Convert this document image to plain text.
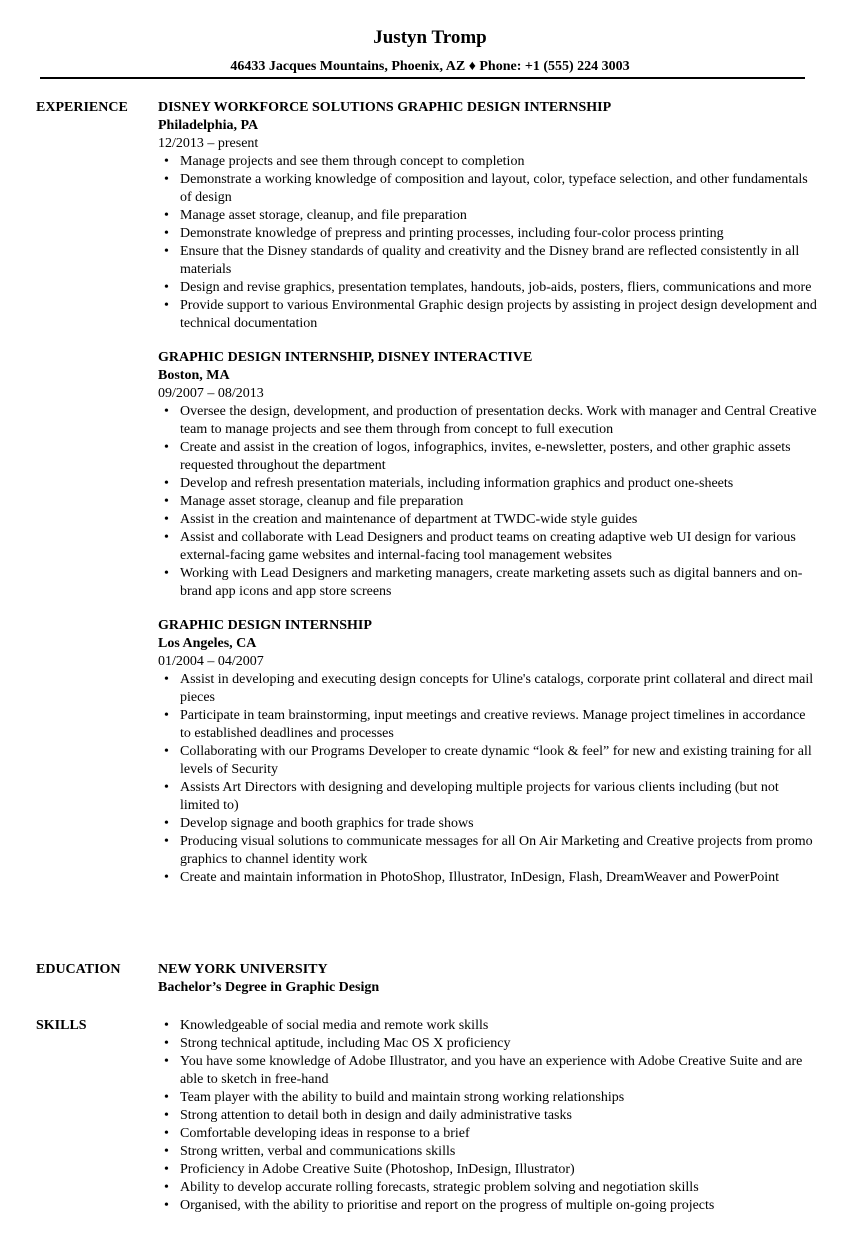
Justyn Tromp
46433 Jacques Mountains, Phoenix, AZ ♦ Phone: +1 (555) 224 3003
EXPERIENCE DISNEY WORKFORCE SOLUTIONS GRAPHIC DESIGN INTERNSHIP
Philadelphia, PA
12/2013 – present
• Manage projects and see them through concept to completion
• Demonstrate a working knowledge of composition and layout, color, typeface selection, and other fundamentals of design
• Manage asset storage, cleanup, and file preparation
• Demonstrate knowledge of prepress and printing processes, including four-color process printing
• Ensure that the Disney standards of quality and creativity and the Disney brand are reflected consistently in all materials
• Design and revise graphics, presentation templates, handouts, job-aids, posters, fliers, communications and more
• Provide support to various Environmental Graphic design projects by assisting in project design development and technical documentation
GRAPHIC DESIGN INTERNSHIP, DISNEY INTERACTIVE
Boston, MA
09/2007 – 08/2013
• Oversee the design, development, and production of presentation decks. Work with manager and Central Creative team to manage projects and see them through from concept to full execution
• Create and assist in the creation of logos, infographics, invites, e-newsletter, posters, and other graphic assets requested throughout the department
• Develop and refresh presentation materials, including information graphics and product one-sheets
• Manage asset storage, cleanup and file preparation
• Assist in the creation and maintenance of department at TWDC-wide style guides
• Assist and collaborate with Lead Designers and product teams on creating adaptive web UI design for various external-facing game websites and internal-facing tool management websites
• Working with Lead Designers and marketing managers, create marketing assets such as digital banners and on-brand app icons and app store screens
GRAPHIC DESIGN INTERNSHIP
Los Angeles, CA
01/2004 – 04/2007
• Assist in developing and executing design concepts for Uline's catalogs, corporate print collateral and direct mail pieces
• Participate in team brainstorming, input meetings and creative reviews. Manage project timelines in accordance to established deadlines and processes
• Collaborating with our Programs Developer to create dynamic “look & feel” for new and existing training for all levels of Security
• Assists Art Directors with designing and developing multiple projects for various clients including (but not limited to)
• Develop signage and booth graphics for trade shows
• Producing visual solutions to communicate messages for all On Air Marketing and Creative projects from promo graphics to channel identity work
• Create and maintain information in PhotoShop, Illustrator, InDesign, Flash, DreamWeaver and PowerPoint
EDUCATION	NEW YORK UNIVERSITY
Bachelor’s Degree in Graphic Design
SKILLS
•	Knowledgeable of social media and remote work skills
• Strong technical aptitude, including Mac OS X proficiency
• You have some knowledge of Adobe Illustrator, and you have an experience with Adobe Creative Suite and are able to sketch in free-hand
• Team player with the ability to build and maintain strong working relationships
• Strong attention to detail both in design and daily administrative tasks
• Comfortable developing ideas in response to a brief
• Strong written, verbal and communications skills
• Proficiency in Adobe Creative Suite (Photoshop, InDesign, Illustrator)
• Ability to develop accurate rolling forecasts, strategic problem solving and negotiation skills
• Organised, with the ability to prioritise and report on the progress of multiple on-going projects
